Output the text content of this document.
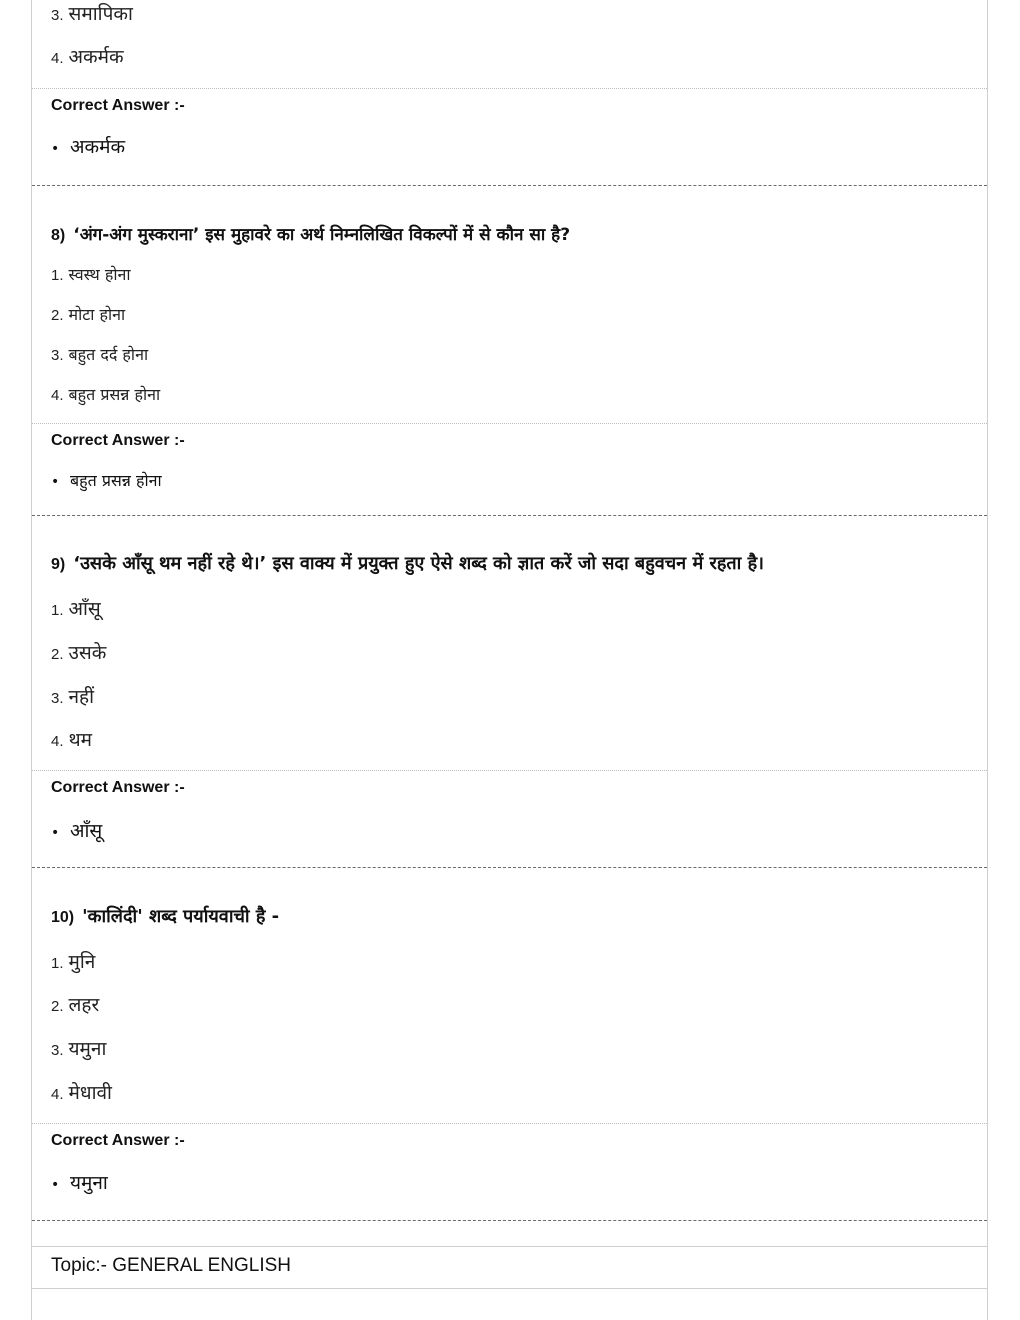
3. समापिका
4. अकर्मक
Correct Answer :-
• अकर्मक
8) ‘अंग-अंग मुस्कराना’ इस मुहावरे का अर्थ निम्नलिखित विकल्पों में से कौन सा है?
1. स्वस्थ होना
2. मोटा होना
3. बहुत दर्द होना
4. बहुत प्रसन्न होना
Correct Answer :-
• बहुत प्रसन्न होना
9) ‘उसके आँसू थम नहीं रहे थे।’ इस वाक्य में प्रयुक्त हुए ऐसे शब्द को ज्ञात करें जो सदा बहुवचन में रहता है।
1. आँसू
2. उसके
3. नहीं
4. थम
Correct Answer :-
• आँसू
10) 'कालिंदी' शब्द पर्यायवाची है -
1. मुनि
2. लहर
3. यमुना
4. मेधावी
Correct Answer :-
• यमुना
Topic:- GENERAL ENGLISH
